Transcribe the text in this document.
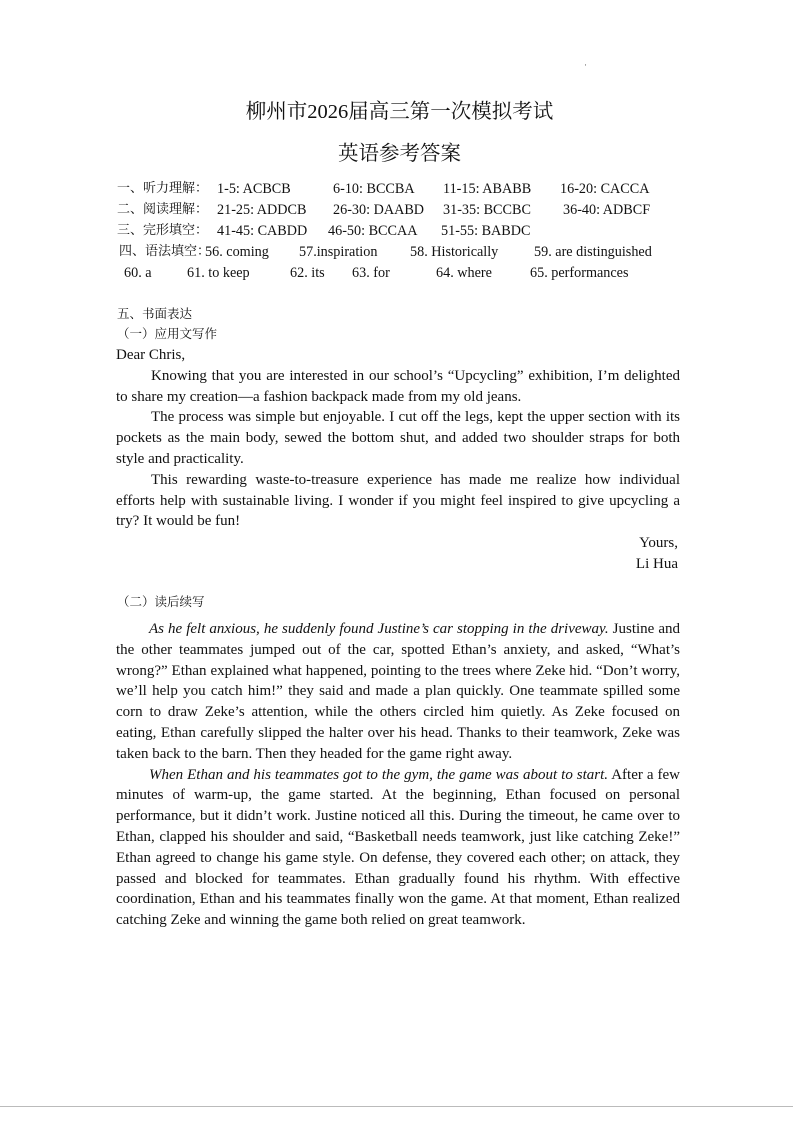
·
柳州市2026届高三第一次模拟考试
英语参考答案
一、听力理解： 1-5: ACBCB	6-10: BCCBA 11-15: ABABB 16-20: CACCA
二、阅读理解： 21-25: ADDCB 26-30: DAABD 31-35: BCCBC 36-40: ADBCF
三、完形填空： 41-45: CABDD 46-50: BCCAA 51-55: BABDC
四、语法填空：
56. coming 57.inspiration 58. Historically	59. are distinguished
60. a 61. to keep	62. its 63. for	64. where	65. performances
五、书面表达
（一）应用文写作

Dear Chris,

Knowing that you are interested in our school’s “Upcycling” exhibition, I’m delighted to share my creation—a fashion backpack made from my old jeans.

The process was simple but enjoyable. I cut off the legs, kept the upper section with its pockets as the main body, sewed the bottom shut, and added two shoulder straps for both style and practicality.

This rewarding waste-to-treasure experience has made me realize how individual efforts help with sustainable living. I wonder if you might feel inspired to give upcycling a try? It would be fun!

Yours,
Li Hua
（二）读后续写

As he felt anxious, he suddenly found Justine’s car stopping in the driveway. Justine and the other teammates jumped out of the car, spotted Ethan’s anxiety, and asked, “What’s wrong?” Ethan explained what happened, pointing to the trees where Zeke hid. “Don’t worry, we’ll help you catch him!” they said and made a plan quickly. One teammate spilled some corn to draw Zeke’s attention, while the others circled him quietly. As Zeke focused on eating, Ethan carefully slipped the halter over his head. Thanks to their teamwork, Zeke was taken back to the barn. Then they headed for the game right away.

When Ethan and his teammates got to the gym, the game was about to start. After a few minutes of warm-up, the game started. At the beginning, Ethan focused on personal performance, but it didn’t work. Justine noticed all this. During the timeout, he came over to Ethan, clapped his shoulder and said, “Basketball needs teamwork, just like catching Zeke!” Ethan agreed to change his game style. On defense, they covered each other; on attack, they passed and blocked for teammates. Ethan gradually found his rhythm. With effective coordination, Ethan and his teammates finally won the game. At that moment, Ethan realized catching Zeke and winning the game both relied on great teamwork.
